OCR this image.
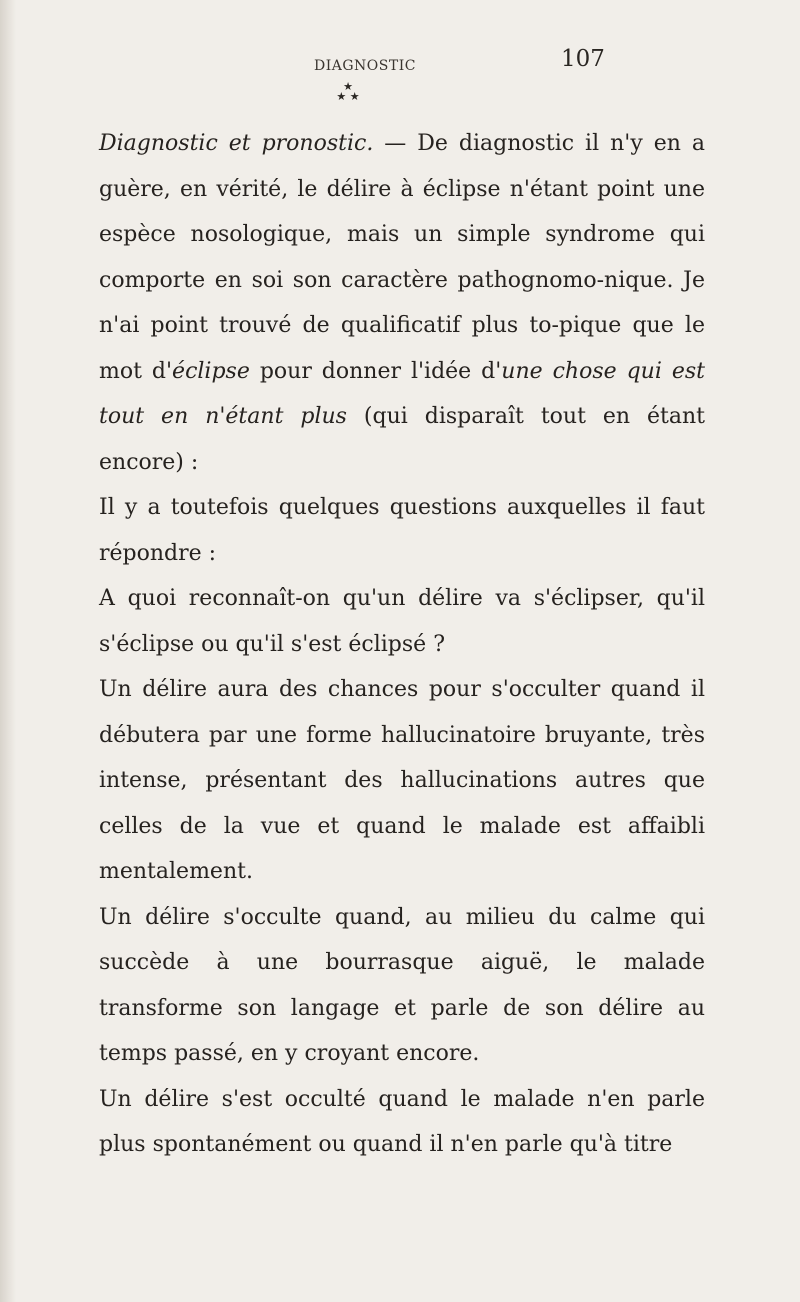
DIAGNOSTIC	107
★
★ ★

Diagnostic et pronostic. — De diagnostic il n'y en a guère, en vérité, le délire à éclipse n'étant point une espèce nosologique, mais un simple syndrome qui comporte en soi son caractère pathognomo-nique. Je n'ai point trouvé de qualificatif plus to-pique que le mot d'éclipse pour donner l'idée d'une chose qui est tout en n'étant plus (qui disparaît tout en étant encore) :

Il y a toutefois quelques questions auxquelles il faut répondre :

A quoi reconnaît-on qu'un délire va s'éclipser, qu'il s'éclipse ou qu'il s'est éclipsé ?

Un délire aura des chances pour s'occulter quand il débutera par une forme hallucinatoire bruyante, très intense, présentant des hallucinations autres que celles de la vue et quand le malade est affaibli mentalement.

Un délire s'occulte quand, au milieu du calme qui succède à une bourrasque aiguë, le malade transforme son langage et parle de son délire au temps passé, en y croyant encore.

Un délire s'est occulté quand le malade n'en parle plus spontanément ou quand il n'en parle qu'à titre
